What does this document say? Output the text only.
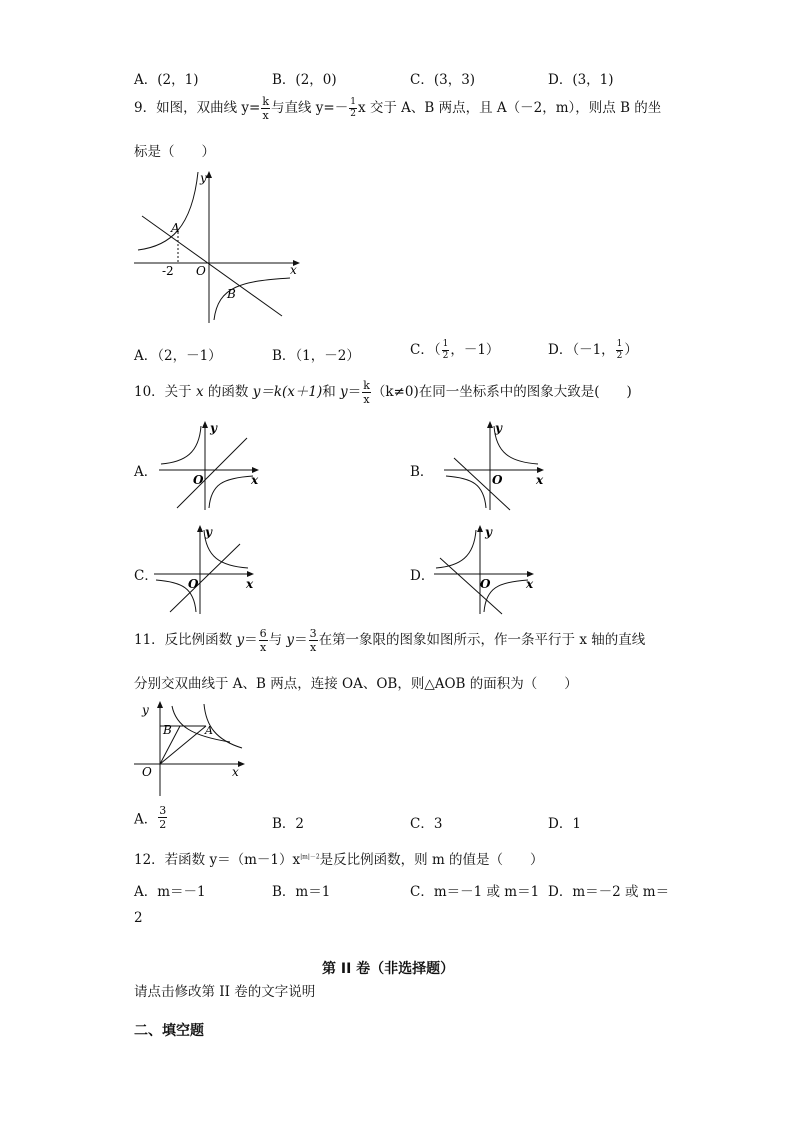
A．(2，1)	B．(2，0)	C．(3，3)	D．(3，1)
9．如图，双曲线 $y= \frac{k}{x}$ 与直线 $y=- \frac{1}{2}$ x 交于 A、B 两点，且 A（－2，m），则点 B 的坐
标是（　　）
y
x
A
B
O
-2
A．（2，－1）	B．（1，－2）	C．（ $\frac{1}{2}$ ，－1）	D．（－1， $\frac{1}{2}$ ）
10．关于 x 的函数 y＝k(x＋1)和 $y= \frac{k}{x} (k\ne 0)$在同一坐标系中的图象大致是(　　)
A．
y
x
O	B．
y
x
O
C．
y
x
O	D．
y
x
O
11．反比例函数 $y= \frac{6}{x}$ 与 $y= \frac{3}{x}$ 在第一象限的图象如图所示，作一条平行于 x 轴的直线
分别交双曲线于 A、B 两点，连接 OA、OB，则△AOB 的面积为（　　）
y
x
O
B	A
A． $\frac{3}{2}$	B．2	C．3	D．1
12．若函数 $y=(m-1)x^{|m|-2}$是反比例函数，则 m 的值是（　　）
A．m＝－1	B．m＝1	C．m＝－1 或 m＝1 D．m＝－2 或 m＝
2
第 II 卷（非选择题）
请点击修改第 II 卷的文字说明
二、填空题
